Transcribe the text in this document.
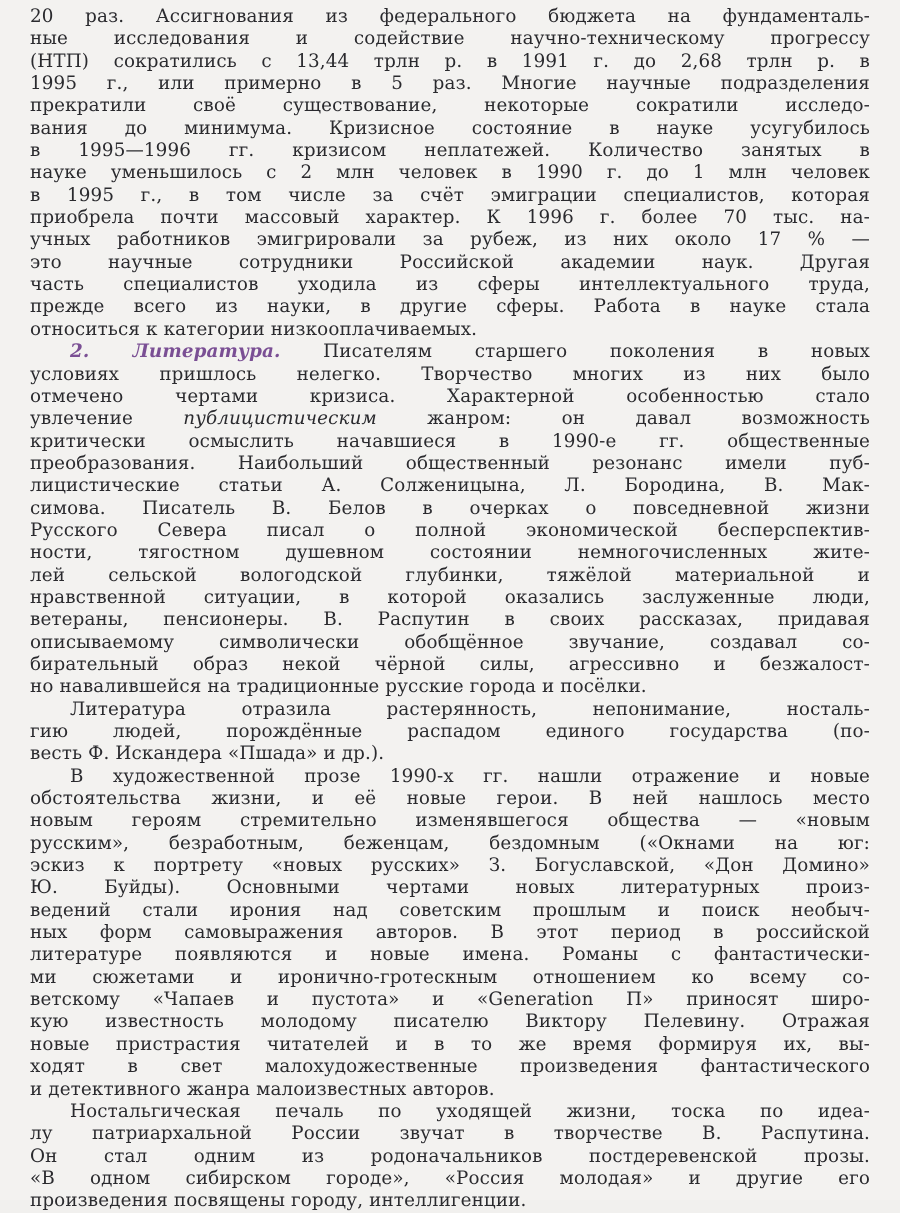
20 раз. Ассигнования из федерального бюджета на фундаменталь-
ные исследования и содействие научно-техническому прогрессу
(НТП) сократились с 13,44 трлн р. в 1991 г. до 2,68 трлн р. в
1995 г., или примерно в 5 раз. Многие научные подразделения
прекратили своё существование, некоторые сократили исследо-
вания до минимума. Кризисное состояние в науке усугубилось
в 1995—1996 гг. кризисом неплатежей. Количество занятых в
науке уменьшилось с 2 млн человек в 1990 г. до 1 млн человек
в 1995 г., в том числе за счёт эмиграции специалистов, которая
приобрела почти массовый характер. К 1996 г. более 70 тыс. на-
учных работников эмигрировали за рубеж, из них около 17 % —
это научные сотрудники Российской академии наук. Другая
часть специалистов уходила из сферы интеллектуального труда,
прежде всего из науки, в другие сферы. Работа в науке стала
относиться к категории низкооплачиваемых.
2. Литература. Писателям старшего поколения в новых
условиях пришлось нелегко. Творчество многих из них было
отмечено чертами кризиса. Характерной особенностью стало
увлечение публицистическим жанром: он давал возможность
критически осмыслить начавшиеся в 1990-е гг. общественные
преобразования. Наибольший общественный резонанс имели пуб-
лицистические статьи А. Солженицына, Л. Бородина, В. Мак-
симова. Писатель В. Белов в очерках о повседневной жизни
Русского Севера писал о полной экономической бесперспектив-
ности, тягостном душевном состоянии немногочисленных жите-
лей сельской вологодской глубинки, тяжёлой материальной и
нравственной ситуации, в которой оказались заслуженные люди,
ветераны, пенсионеры. В. Распутин в своих рассказах, придавая
описываемому символически обобщённое звучание, создавал со-
бирательный образ некой чёрной силы, агрессивно и безжалост-
но навалившейся на традиционные русские города и посёлки.
Литература отразила растерянность, непонимание, носталь-
гию людей, порождённые распадом единого государства (по-
весть Ф. Искандера «Пшада» и др.).
В художественной прозе 1990-х гг. нашли отражение и новые
обстоятельства жизни, и её новые герои. В ней нашлось место
новым героям стремительно изменявшегося общества — «новым
русским», безработным, беженцам, бездомным («Окнами на юг:
эскиз к портрету «новых русских» З. Богуславской, «Дон Домино»
Ю. Буйды). Основными чертами новых литературных произ-
ведений стали ирония над советским прошлым и поиск необыч-
ных форм самовыражения авторов. В этот период в российской
литературе появляются и новые имена. Романы с фантастически-
ми сюжетами и иронично-гротескным отношением ко всему со-
ветскому «Чапаев и пустота» и «Generation П» приносят широ-
кую известность молодому писателю Виктору Пелевину. Отражая
новые пристрастия читателей и в то же время формируя их, вы-
ходят в свет малохудожественные произведения фантастического
и детективного жанра малоизвестных авторов.
Ностальгическая печаль по уходящей жизни, тоска по идеа-
лу патриархальной России звучат в творчестве В. Распутина.
Он стал одним из родоначальников постдеревенской прозы.
«В одном сибирском городе», «Россия молодая» и другие его
произведения посвящены городу, интеллигенции.
